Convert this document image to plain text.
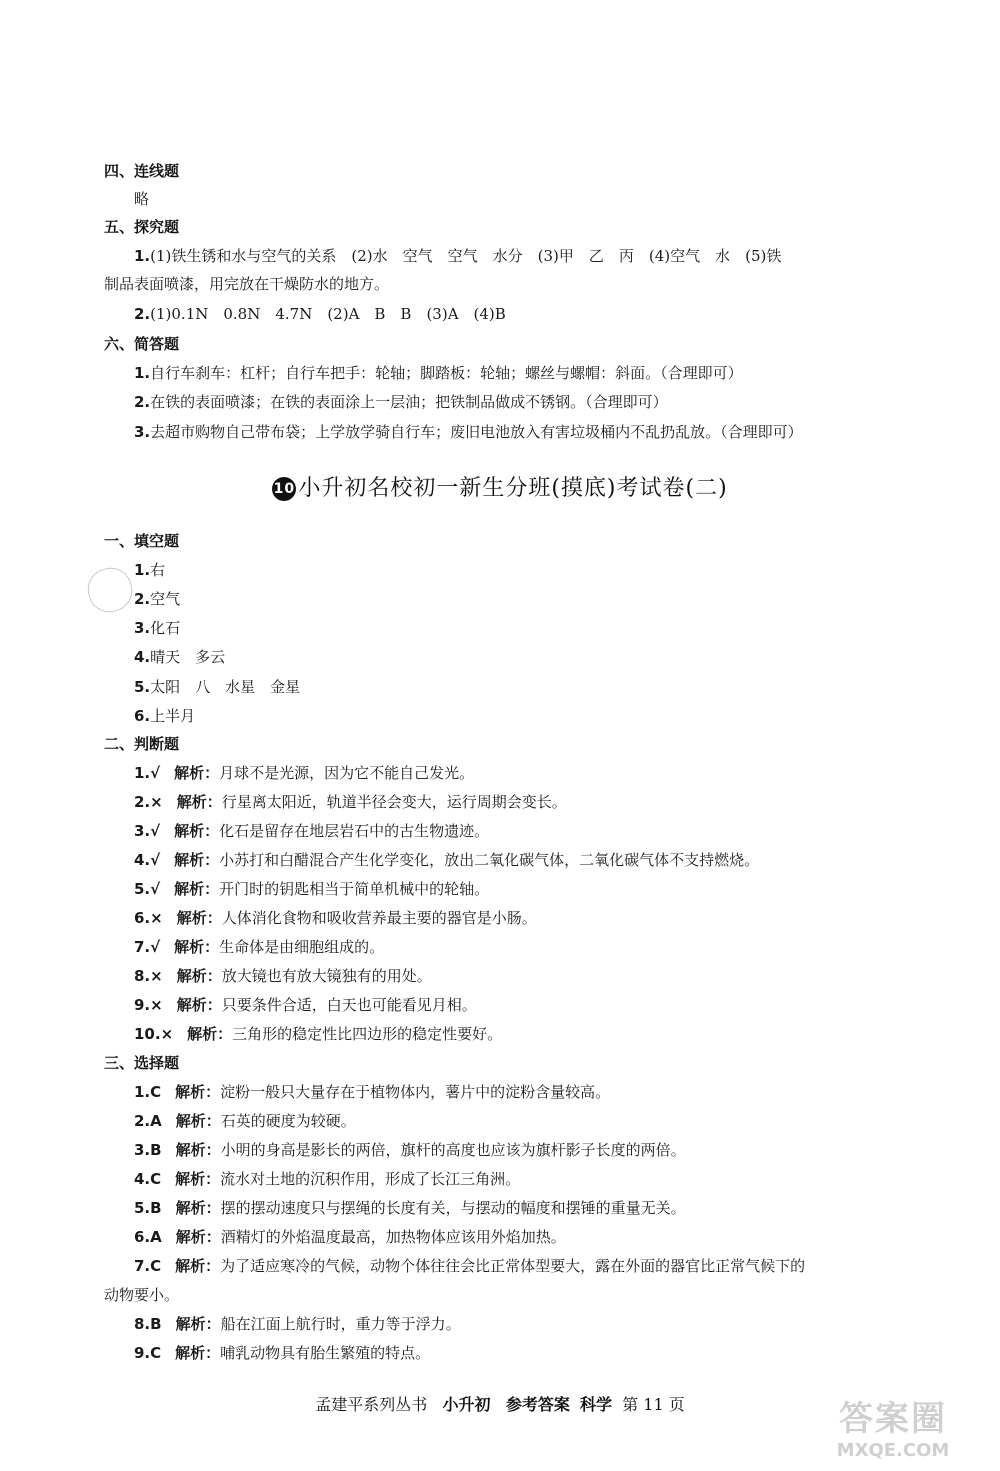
四、连线题
略
五、探究题
1.(1)铁生锈和水与空气的关系　(2)水　空气　空气　水分　(3)甲　乙　丙　(4)空气　水　(5)铁
制品表面喷漆，用完放在干燥防水的地方。
2.(1)0.1N　0.8N　4.7N　(2)A　B　B　(3)A　(4)B
六、简答题
1.自行车刹车：杠杆；自行车把手：轮轴；脚踏板：轮轴；螺丝与螺帽：斜面。（合理即可）
2.在铁的表面喷漆；在铁的表面涂上一层油；把铁制品做成不锈钢。（合理即可）
3.去超市购物自己带布袋；上学放学骑自行车；废旧电池放入有害垃圾桶内不乱扔乱放。（合理即可）
10 小升初名校初一新生分班(摸底)考试卷(二)
一、填空题

1.右
2.空气
3.化石
4.晴天　多云
5.太阳　八　水星　金星
6.上半月
二、判断题
1.√ 解析：月球不是光源，因为它不能自己发光。
2.× 解析：行星离太阳近，轨道半径会变大，运行周期会变长。
3.√ 解析：化石是留存在地层岩石中的古生物遗迹。
4.√ 解析：小苏打和白醋混合产生化学变化，放出二氧化碳气体，二氧化碳气体不支持燃烧。
5.√ 解析：开门时的钥匙相当于简单机械中的轮轴。
6.× 解析：人体消化食物和吸收营养最主要的器官是小肠。
7.√ 解析：生命体是由细胞组成的。
8.× 解析：放大镜也有放大镜独有的用处。
9.× 解析：只要条件合适，白天也可能看见月相。
10.× 解析：三角形的稳定性比四边形的稳定性要好。
三、选择题
1.C 解析：淀粉一般只大量存在于植物体内，薯片中的淀粉含量较高。
2.A 解析：石英的硬度为较硬。
3.B 解析：小明的身高是影长的两倍，旗杆的高度也应该为旗杆影子长度的两倍。
4.C 解析：流水对土地的沉积作用，形成了长江三角洲。
5.B 解析：摆的摆动速度只与摆绳的长度有关，与摆动的幅度和摆锤的重量无关。
6.A 解析：酒精灯的外焰温度最高，加热物体应该用外焰加热。
7.C 解析：为了适应寒冷的气候，动物个体往往会比正常体型要大，露在外面的器官比正常气候下的
动物要小。
8.B 解析：船在江面上航行时，重力等于浮力。
9.C 解析：哺乳动物具有胎生繁殖的特点。
孟建平系列丛书 小升初 参考答案 科学 第 11 页	答案圈
MXQE.COM
